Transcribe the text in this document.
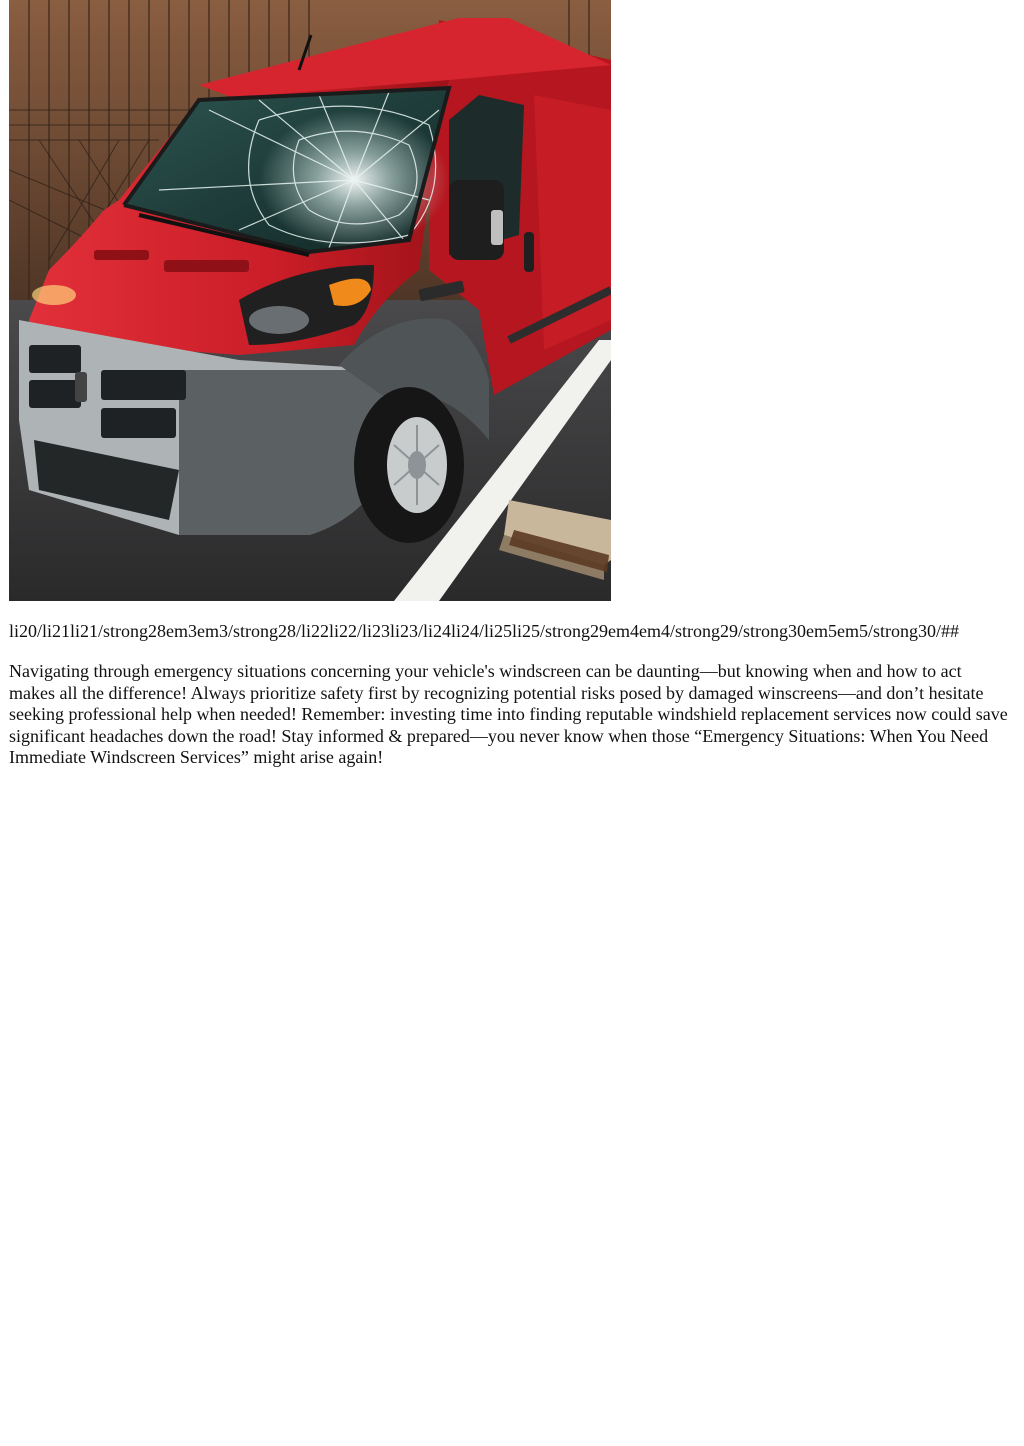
li20/li21li21/strong28em3em3/strong28/li22li22/li23li23/li24li24/li25li25/strong29em4em4/strong29/strong30em5em5/strong30/##

Navigating through emergency situations concerning your vehicle's windscreen can be daunting—but knowing when and how to act makes all the difference! Always prioritize safety first by recognizing potential risks posed by damaged winscreens—and don’t hesitate seeking professional help when needed! Remember: investing time into finding reputable windshield replacement services now could save significant headaches down the road! Stay informed & prepared—you never know when those “Emergency Situations: When You Need Immediate Windscreen Services” might arise again!
